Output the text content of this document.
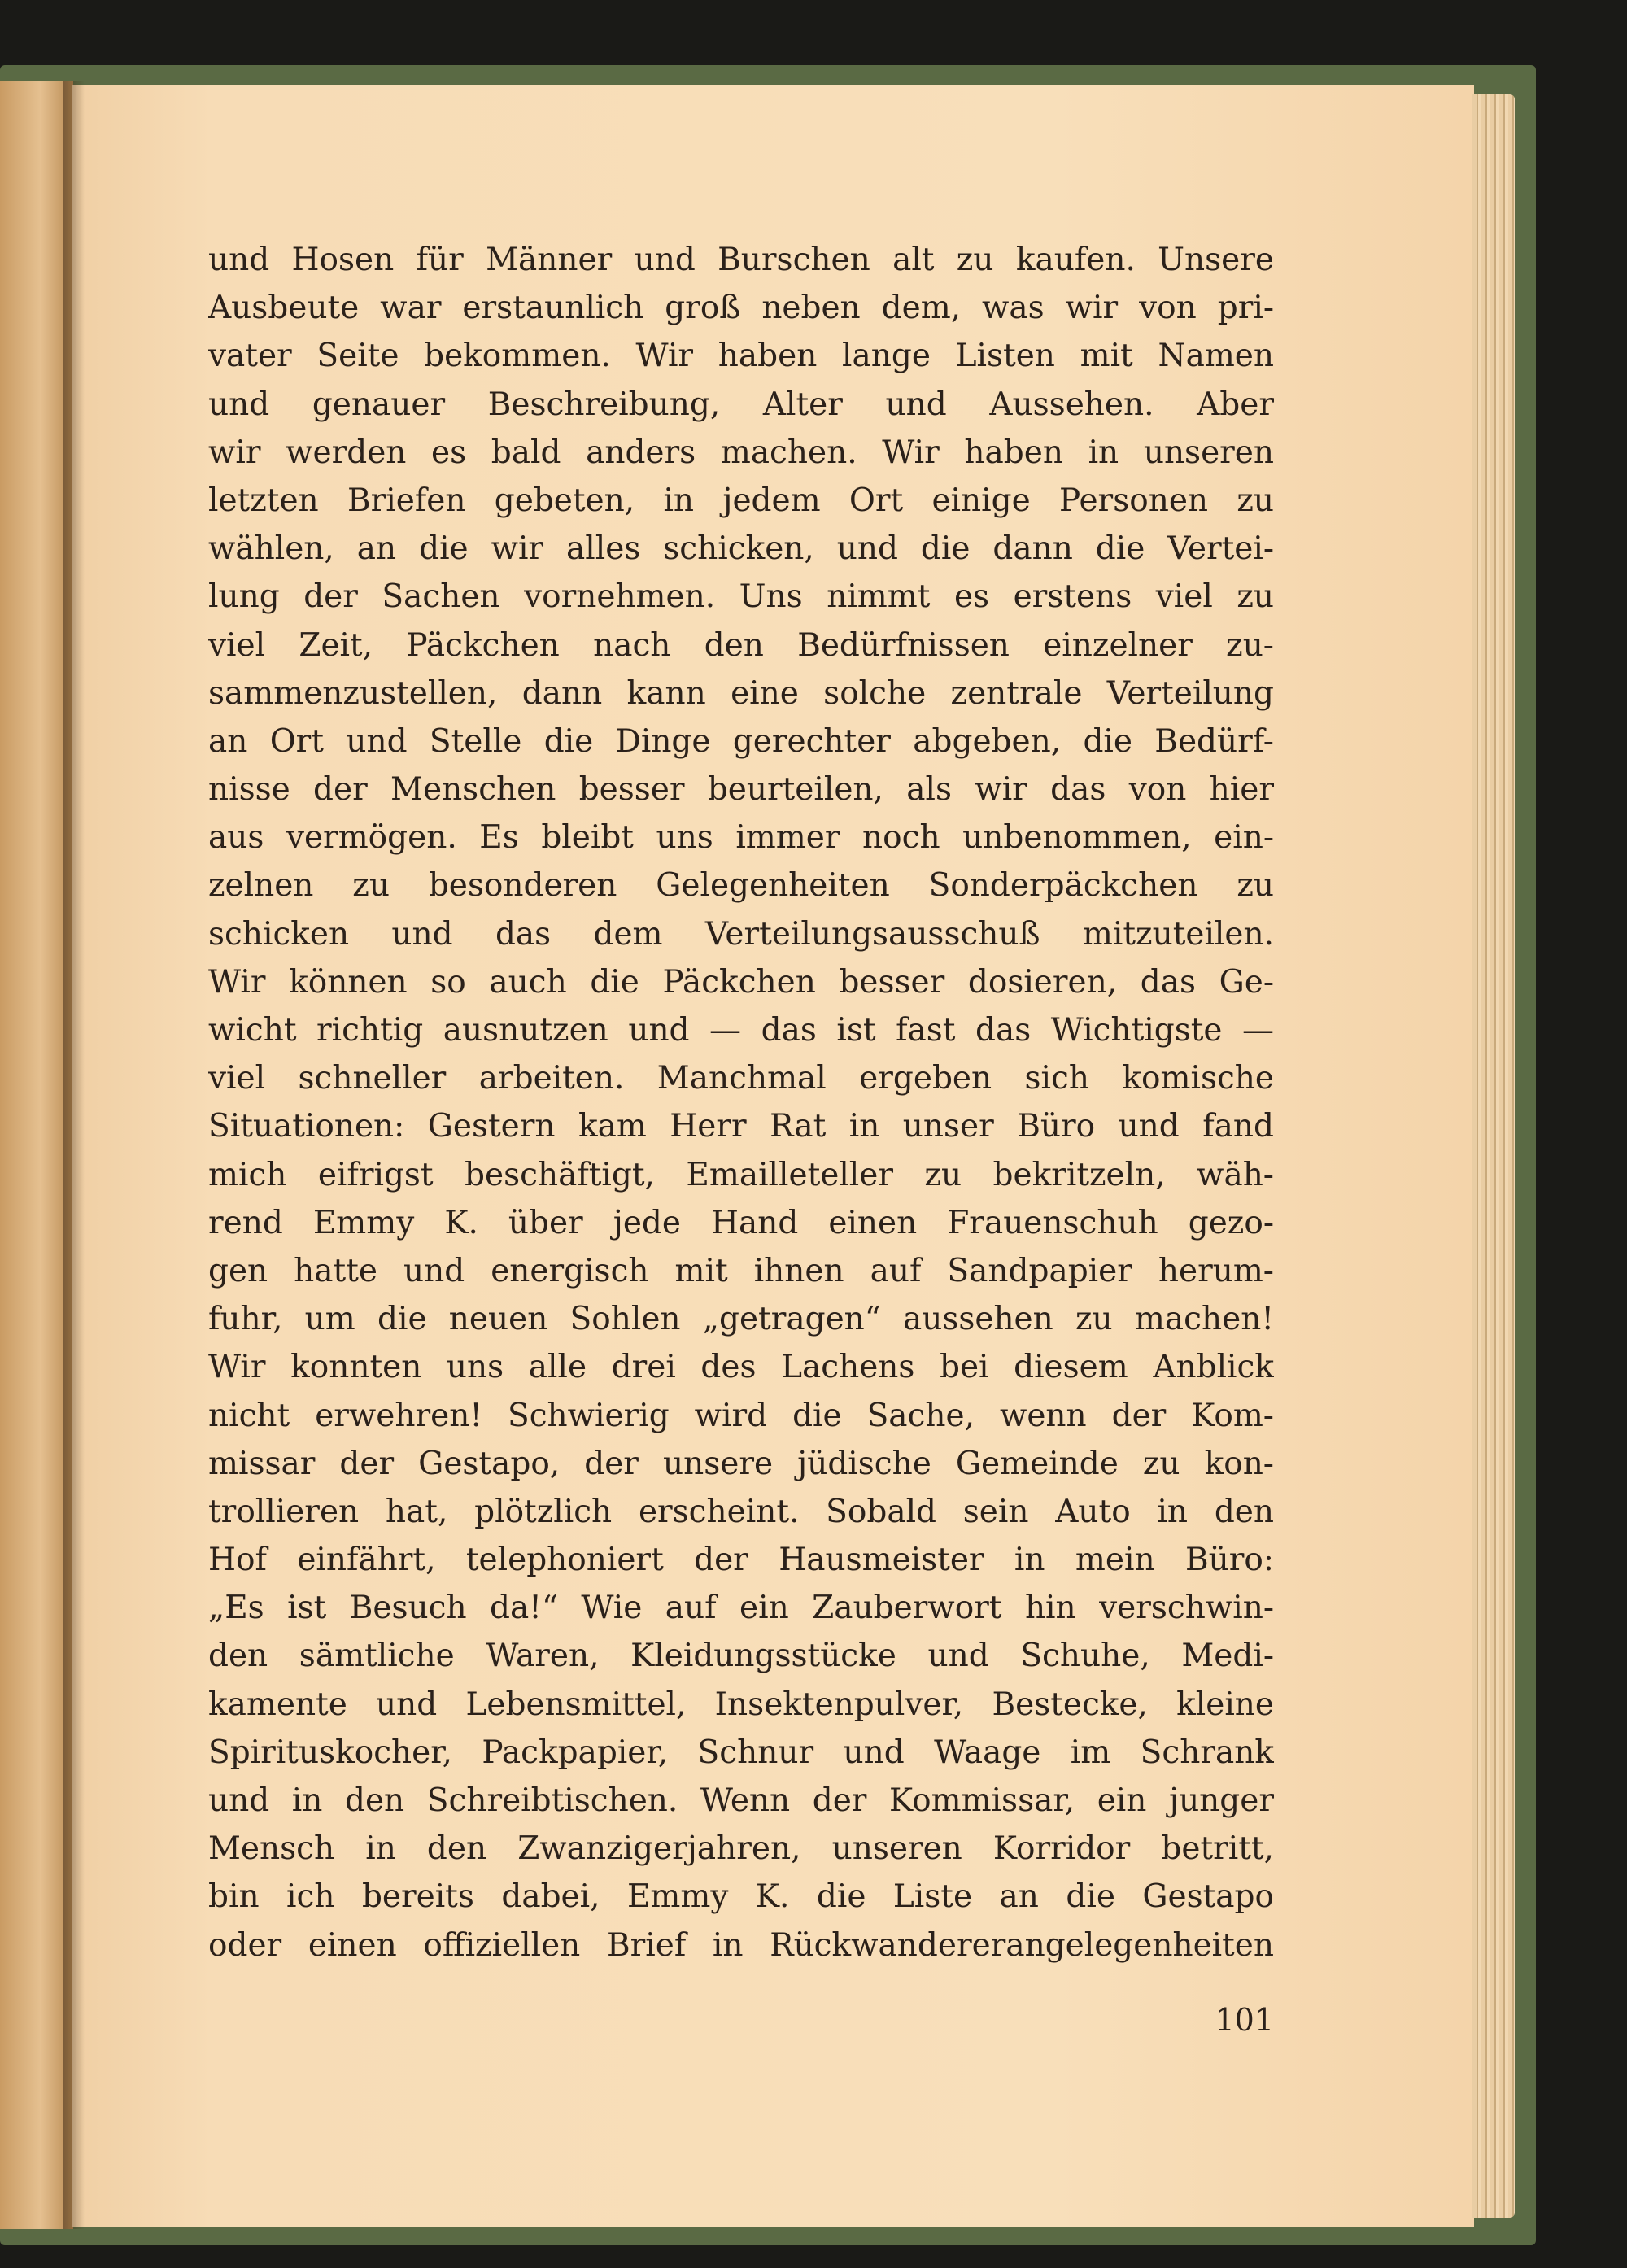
und Hosen für Männer und Burschen alt zu kaufen. Unsere
Ausbeute war erstaunlich groß neben dem, was wir von pri-
vater Seite bekommen. Wir haben lange Listen mit Namen
und genauer Beschreibung, Alter und Aussehen. Aber
wir werden es bald anders machen. Wir haben in unseren
letzten Briefen gebeten, in jedem Ort einige Personen zu
wählen, an die wir alles schicken, und die dann die Vertei-
lung der Sachen vornehmen. Uns nimmt es erstens viel zu
viel Zeit, Päckchen nach den Bedürfnissen einzelner zu-
sammenzustellen, dann kann eine solche zentrale Verteilung
an Ort und Stelle die Dinge gerechter abgeben, die Bedürf-
nisse der Menschen besser beurteilen, als wir das von hier
aus vermögen. Es bleibt uns immer noch unbenommen, ein-
zelnen zu besonderen Gelegenheiten Sonderpäckchen zu
schicken und das dem Verteilungsausschuß mitzuteilen.
Wir können so auch die Päckchen besser dosieren, das Ge-
wicht richtig ausnutzen und — das ist fast das Wichtigste —
viel schneller arbeiten. Manchmal ergeben sich komische
Situationen: Gestern kam Herr Rat in unser Büro und fand
mich eifrigst beschäftigt, Emailleteller zu bekritzeln, wäh-
rend Emmy K. über jede Hand einen Frauenschuh gezo-
gen hatte und energisch mit ihnen auf Sandpapier herum-
fuhr, um die neuen Sohlen „getragen“ aussehen zu machen!
Wir konnten uns alle drei des Lachens bei diesem Anblick
nicht erwehren! Schwierig wird die Sache, wenn der Kom-
missar der Gestapo, der unsere jüdische Gemeinde zu kon-
trollieren hat, plötzlich erscheint. Sobald sein Auto in den
Hof einfährt, telephoniert der Hausmeister in mein Büro:
„Es ist Besuch da!“ Wie auf ein Zauberwort hin verschwin-
den sämtliche Waren, Kleidungsstücke und Schuhe, Medi-
kamente und Lebensmittel, Insektenpulver, Bestecke, kleine
Spirituskocher, Packpapier, Schnur und Waage im Schrank
und in den Schreibtischen. Wenn der Kommissar, ein junger
Mensch in den Zwanzigerjahren, unseren Korridor betritt,
bin ich bereits dabei, Emmy K. die Liste an die Gestapo
oder einen offiziellen Brief in Rückwandererangelegenheiten
101
